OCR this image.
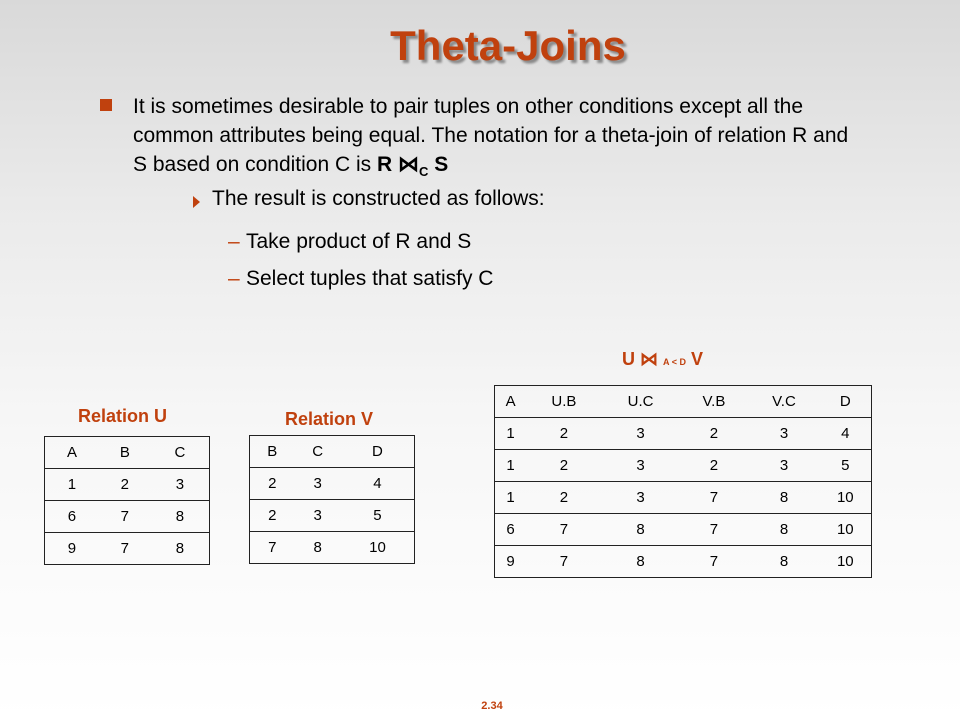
Theta-Joins
It is sometimes desirable to pair tuples on other conditions except all the common attributes being equal. The notation for a theta-join of relation R and S based on condition C is R $⋈_C$ S
The result is constructed as follows:
– Take product of R and S
– Select tuples that satisfy C
U ⋈ A < D V
Relation U
A	B	C
1	2	3
6	7	8
9	7	8
Relation V
B	C	D
2	3	4
2	3	5
7	8	10
A	U.B	U.C	V.B	V.C	D
1	2	3	2	3	4
1	2	3	2	3	5
1	2	3	7	8	10
6	7	8	7	8	10
9	7	8	7	8	10
2.34
